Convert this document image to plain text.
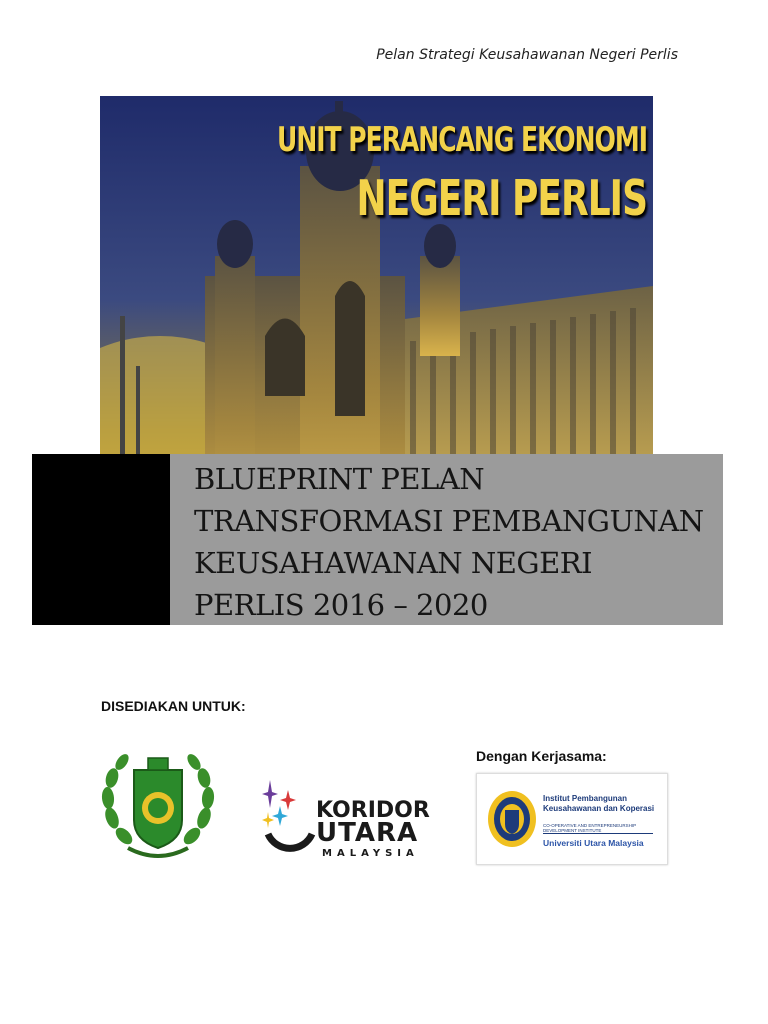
Pelan Strategi Keusahawanan Negeri Perlis
UNIT PERANCANG EKONOMI
NEGERI PERLIS
BLUEPRINT PELAN
TRANSFORMASI PEMBANGUNAN
KEUSAHAWANAN NEGERI
PERLIS 2016 – 2020
DISEDIAKAN UNTUK:
Dengan Kerjasama:
KORIDOR
UTARA
MALAYSIA
Institut Pembangunan
Keusahawanan dan Koperasi
CO-OPERATIVE AND ENTREPRENEURSHIP DEVELOPMENT INSTITUTE
Universiti Utara Malaysia
